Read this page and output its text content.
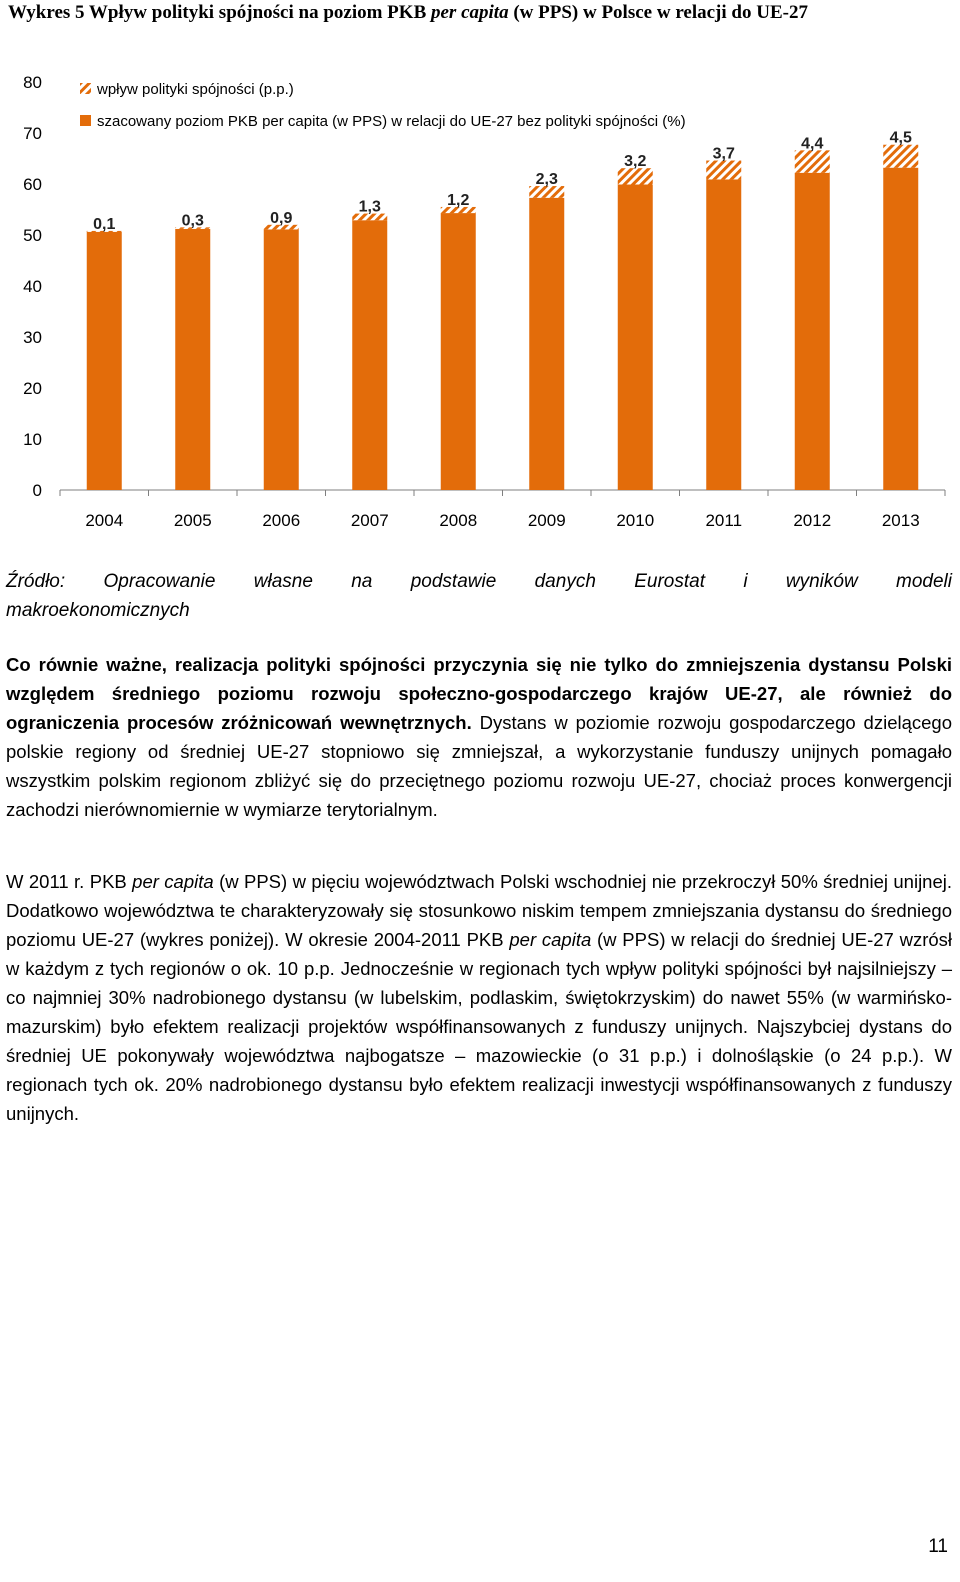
Wykres 5 Wpływ polityki spójności na poziom PKB per capita (w PPS) w Polsce w relacji do UE-27
0
10
20
30
40
50
60
70
80
2004	2005	2006	2007	2008	2009	2010	2011	2012	2013
0,1	0,3	0,9
1,3	1,2
2,3
3,2	3,7
4,4	4,5
wpływ polityki spójności (p.p.)
szacowany poziom PKB per capita (w PPS) w relacji do UE-27 bez polityki spójności (%)
Źródło: Opracowanie własne na podstawie danych Eurostat i wyników modeli
makroekonomicznych
Co równie ważne, realizacja polityki spójności przyczynia się nie tylko do zmniejszenia dystansu Polski względem średniego poziomu rozwoju społeczno-gospodarczego krajów UE-27, ale również do ograniczenia procesów zróżnicowań wewnętrznych. Dystans w poziomie rozwoju gospodarczego dzielącego polskie regiony od średniej UE-27 stopniowo się zmniejszał, a wykorzystanie funduszy unijnych pomagało wszystkim polskim regionom zbliżyć się do przeciętnego poziomu rozwoju UE-27, chociaż proces konwergencji zachodzi nierównomiernie w wymiarze terytorialnym.
W 2011 r. PKB per capita (w PPS) w pięciu województwach Polski wschodniej nie przekroczył 50% średniej unijnej. Dodatkowo województwa te charakteryzowały się stosunkowo niskim tempem zmniejszania dystansu do średniego poziomu UE-27 (wykres poniżej). W okresie 2004-2011 PKB per capita (w PPS) w relacji do średniej UE-27 wzrósł w każdym z tych regionów o ok. 10 p.p. Jednocześnie w regionach tych wpływ polityki spójności był najsilniejszy – co najmniej 30% nadrobionego dystansu (w lubelskim, podlaskim, świętokrzyskim) do nawet 55% (w warmińsko-mazurskim) było efektem realizacji projektów współfinansowanych z funduszy unijnych. Najszybciej dystans do średniej UE pokonywały województwa najbogatsze – mazowieckie (o 31 p.p.) i dolnośląskie (o 24 p.p.). W regionach tych ok. 20% nadrobionego dystansu było efektem realizacji inwestycji współfinansowanych z funduszy unijnych.
11
